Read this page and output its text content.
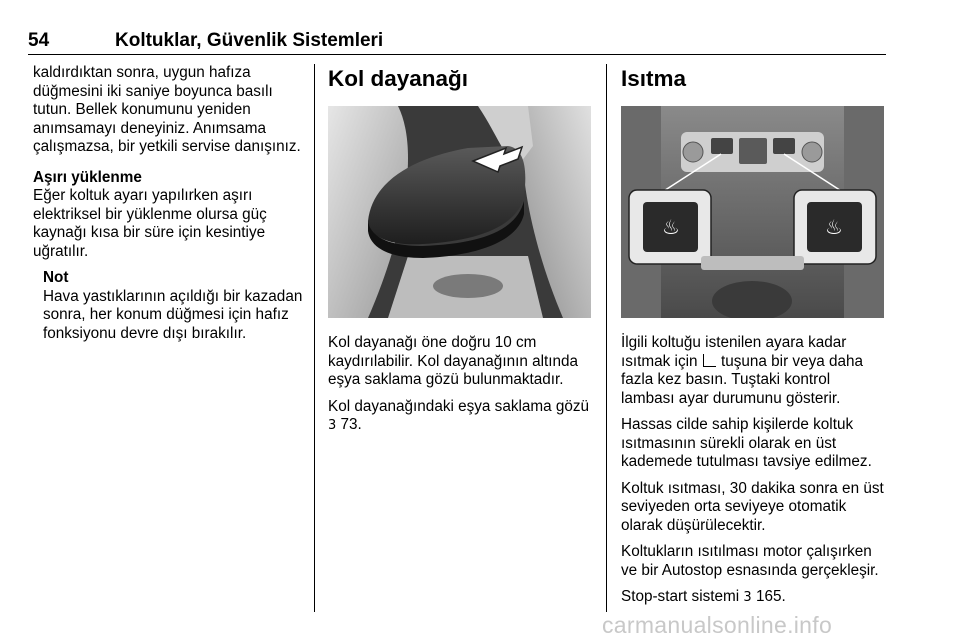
54	Koltuklar, Güvenlik Sistemleri

kaldırdıktan sonra, uygun hafıza düğmesini iki saniye boyunca basılı tutun. Bellek konumunu yeniden anımsamayı deneyiniz. Anımsama çalışmazsa, bir yetkili servise danışınız.

Aşırı yüklenme

Eğer koltuk ayarı yapılırken aşırı elektriksel bir yüklenme olursa güç kaynağı kısa bir süre için kesintiye uğratılır.

Not
Hava yastıklarının açıldığı bir kazadan sonra, her konum düğmesi için hafız fonksiyonu devre dışı bırakılır.
Kol dayanağı

Kol dayanağı öne doğru 10 cm kaydırılabilir. Kol dayanağının altında eşya saklama gözü bulunmaktadır.

Kol dayanağındaki eşya saklama gözü 3 73.

Isıtma
♨	♨

İlgili koltuğu istenilen ayara kadar ısıtmak için tuşuna bir veya daha fazla kez basın. Tuştaki kontrol lambası ayar durumunu gösterir.

Hassas cilde sahip kişilerde koltuk ısıtmasının sürekli olarak en üst kademede tutulması tavsiye edilmez.

Koltuk ısıtması, 30 dakika sonra en üst seviyeden orta seviyeye otomatik olarak düşürülecektir.

Koltukların ısıtılması motor çalışırken ve bir Autostop esnasında gerçekleşir.

Stop-start sistemi 3 165.

carmanualsonline.info
